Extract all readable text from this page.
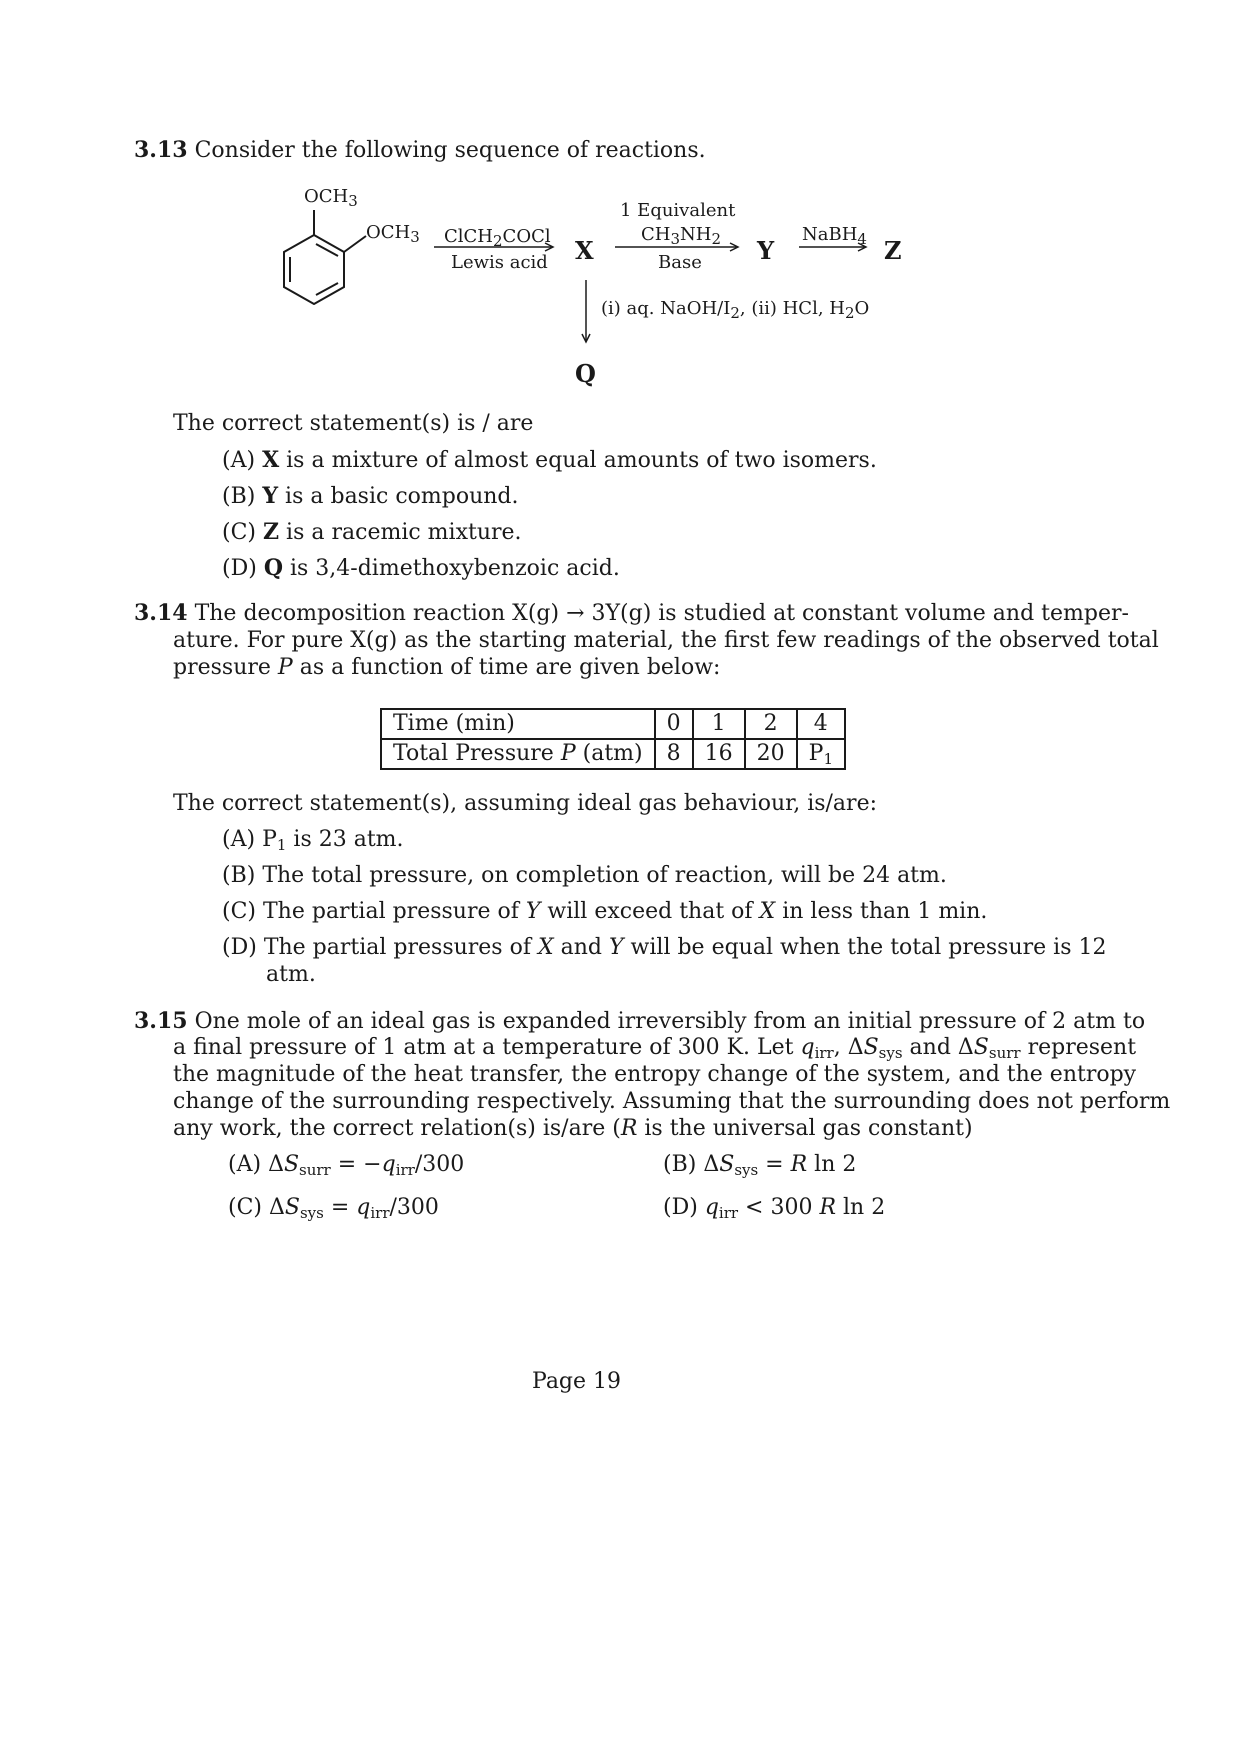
3.13 Consider the following sequence of reactions.
$OCH_3$
$OCH_3$ ClCH$_2$COCl
Lewis acid X
1 Equivalent
$CH_3NH_2$
Base Y
NaBH$_4$ Z
(i) aq. NaOH/$I_2$, (ii) HCl, $H_2O$
Q
The correct statement(s) is / are
(A) X is a mixture of almost equal amounts of two isomers.
(B) Y is a basic compound.
(C) Z is a racemic mixture.
(D) Q is 3,4-dimethoxybenzoic acid.
3.14 The decomposition reaction X(g) → 3Y(g) is studied at constant volume and temper-
ature. For pure X(g) as the starting material, the first few readings of the observed total
pressure P as a function of time are given below:
Time (min)	0	1	2	4
Total Pressure P (atm)	8	16	20	$P_1$
The correct statement(s), assuming ideal gas behaviour, is/are:
(A) $P_1$ is 23 atm.
(B) The total pressure, on completion of reaction, will be 24 atm.
(C) The partial pressure of Y will exceed that of X in less than 1 min.
(D) The partial pressures of X and Y will be equal when the total pressure is 12
atm.
3.15 One mole of an ideal gas is expanded irreversibly from an initial pressure of 2 atm to
a final pressure of 1 atm at a temperature of 300 K. Let $q_{irr}$, $\Delta S_{sys}$ and $\Delta S_{surr}$ represent
the magnitude of the heat transfer, the entropy change of the system, and the entropy
change of the surrounding respectively. Assuming that the surrounding does not perform
any work, the correct relation(s) is/are (R is the universal gas constant)
(A) $\Delta S_{surr} = -q_{irr}/300$	(B) $\Delta S_{sys} = R$ ln 2
(C) $\Delta S_{sys} = q_{irr}/300$	(D) $q_{irr} < 300$ R ln 2
Page 19
